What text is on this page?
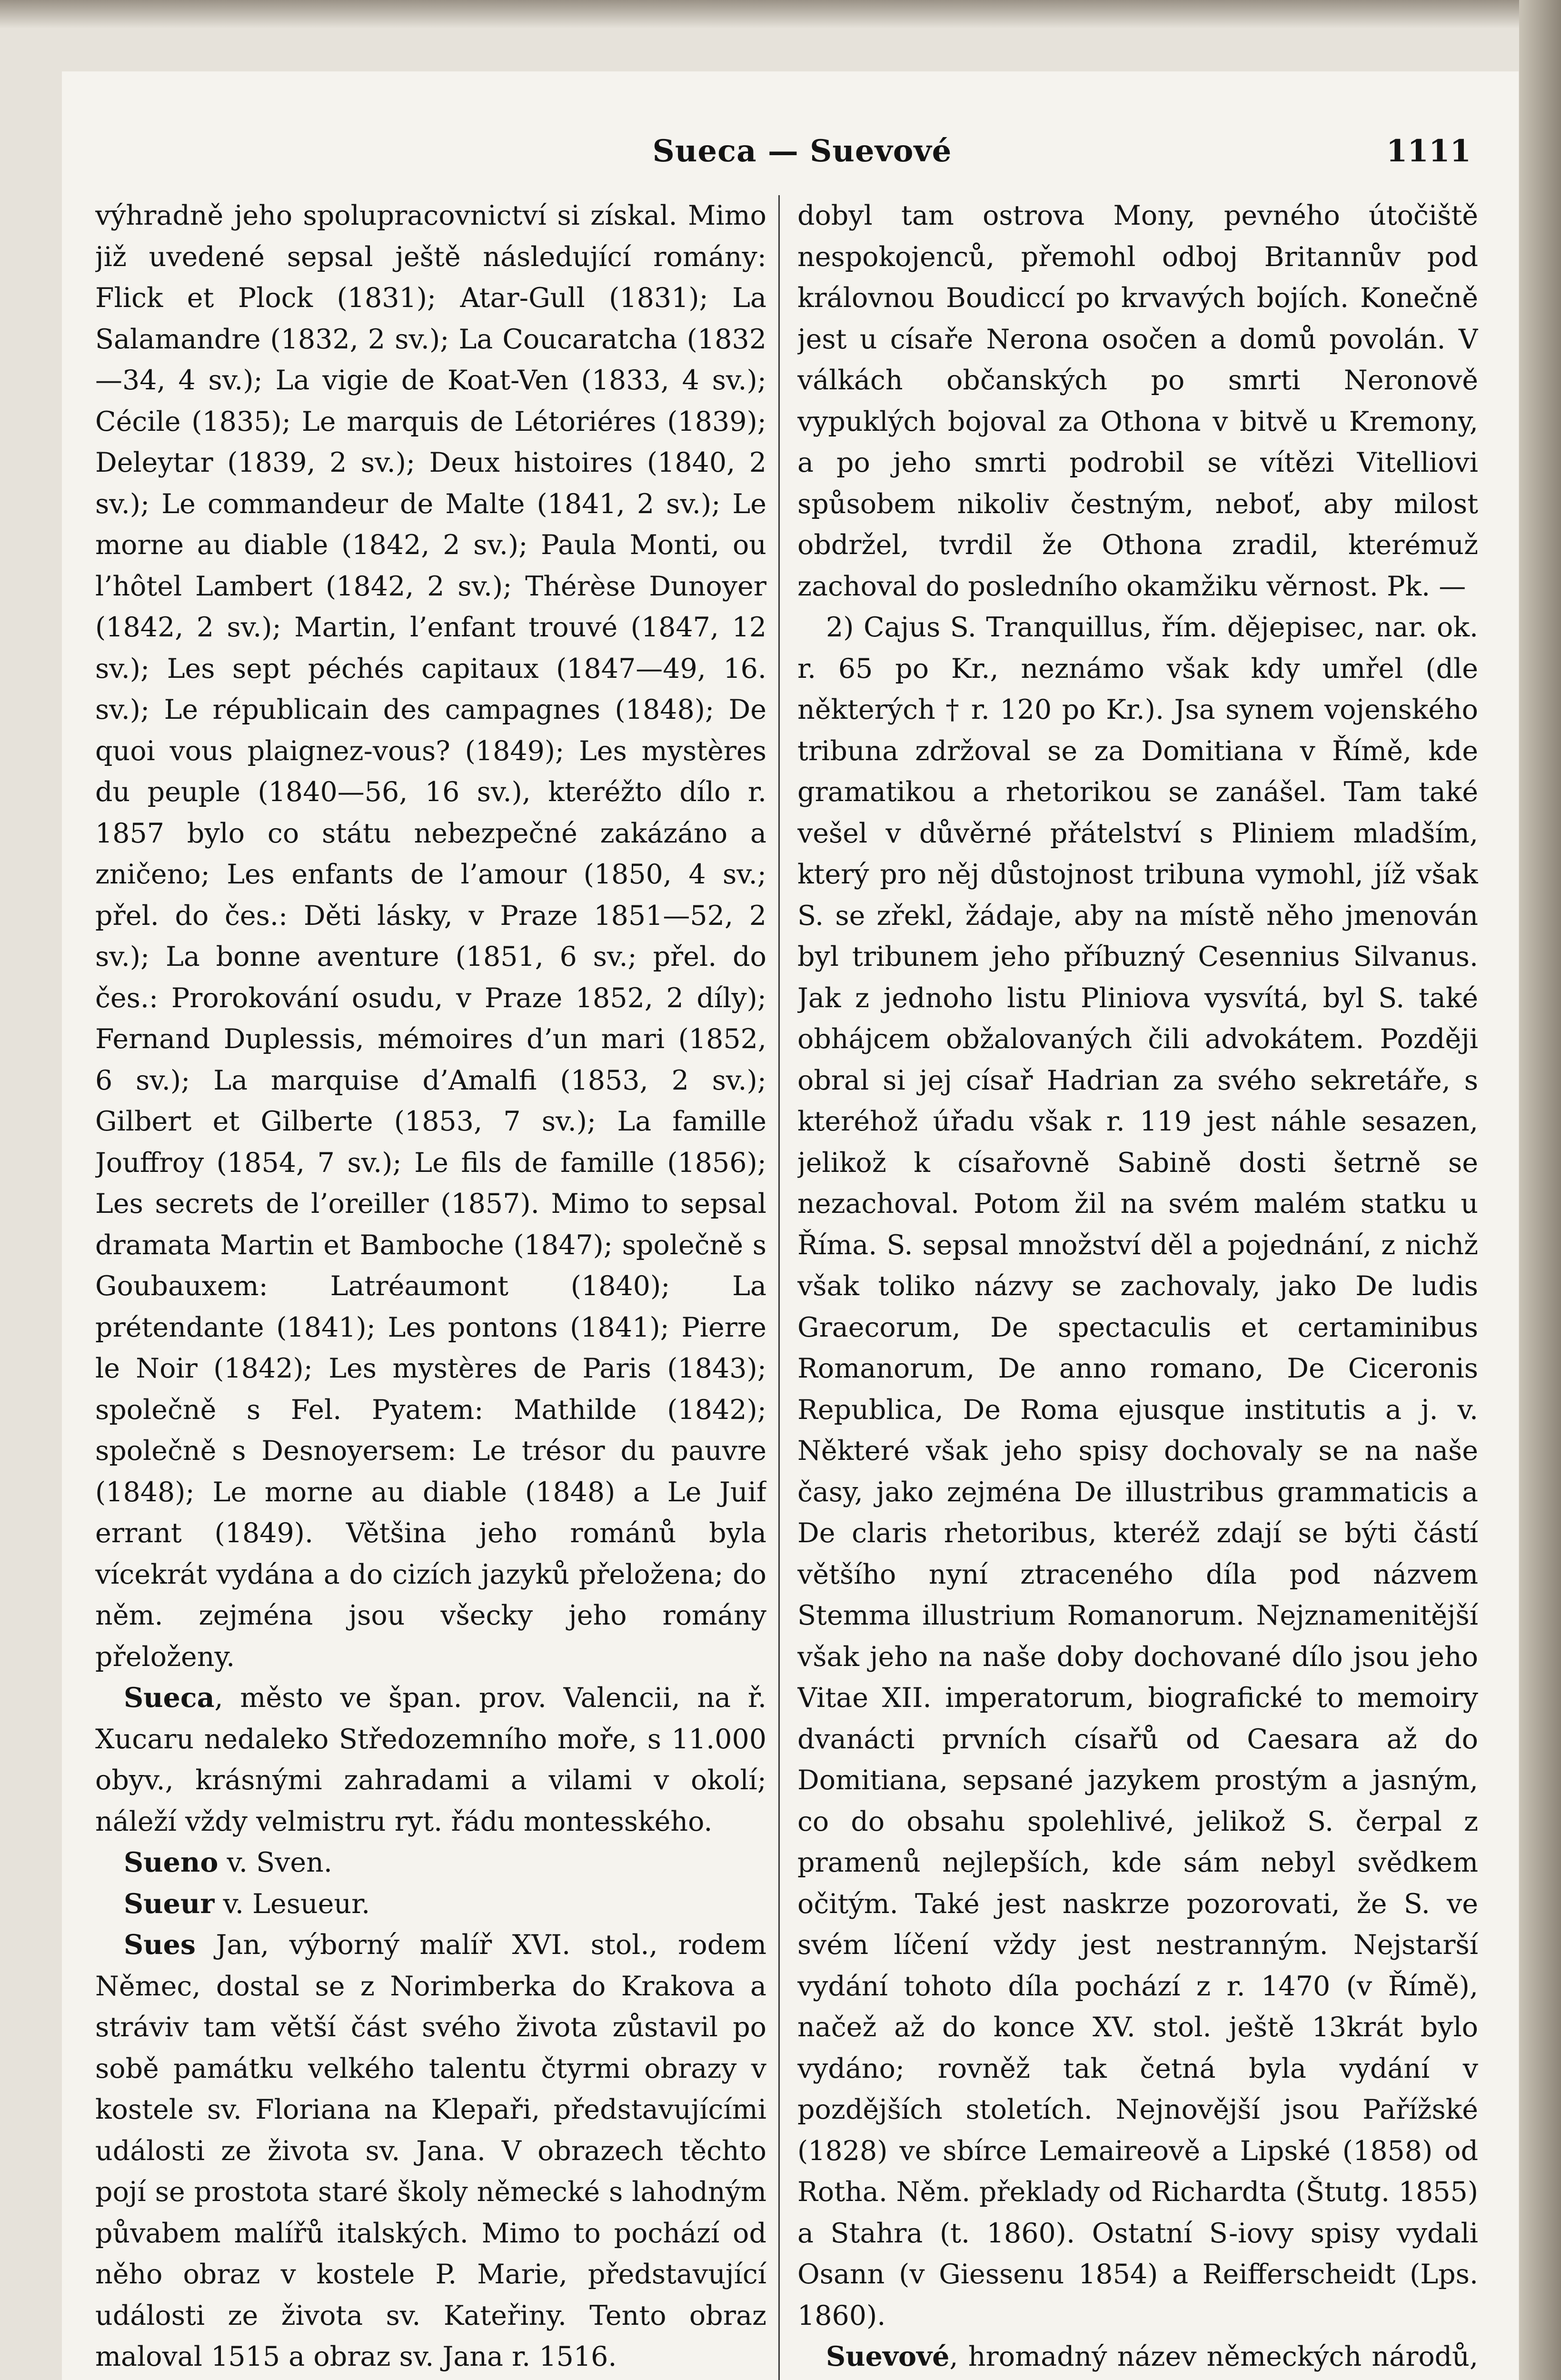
Sueca — Suevové	1111

výhradně jeho spolupracovnictví si získal. Mimo již uvedené sepsal ještě následující romány: Flick et Plock (1831); Atar-Gull (1831); La Salamandre (1832, 2 sv.); La Coucaratcha (1832—34, 4 sv.); La vigie de Koat-Ven (1833, 4 sv.); Cécile (1835); Le marquis de Létoriéres (1839); Deleytar (1839, 2 sv.); Deux histoires (1840, 2 sv.); Le commandeur de Malte (1841, 2 sv.); Le morne au diable (1842, 2 sv.); Paula Monti, ou l’hôtel Lambert (1842, 2 sv.); Thérèse Dunoyer (1842, 2 sv.); Martin, l’enfant trouvé (1847, 12 sv.); Les sept péchés capitaux (1847—49, 16. sv.); Le républicain des campagnes (1848); De quoi vous plaignez-vous? (1849); Les mystères du peuple (1840—56, 16 sv.), kteréžto dílo r. 1857 bylo co státu nebezpečné zakázáno a zničeno; Les enfants de l’amour (1850, 4 sv.; přel. do čes.: Děti lásky, v Praze 1851—52, 2 sv.); La bonne aventure (1851, 6 sv.; přel. do čes.: Prorokování osudu, v Praze 1852, 2 díly); Fernand Duplessis, mémoires d’un mari (1852, 6 sv.); La marquise d’Amalfi (1853, 2 sv.); Gilbert et Gilberte (1853, 7 sv.); La famille Jouffroy (1854, 7 sv.); Le fils de famille (1856); Les secrets de l’oreiller (1857). Mimo to sepsal dramata Martin et Bamboche (1847); společně s Goubauxem: Latréaumont (1840); La prétendante (1841); Les pontons (1841); Pierre le Noir (1842); Les mystères de Paris (1843); společně s Fel. Pyatem: Mathilde (1842); společně s Desnoyersem: Le trésor du pauvre (1848); Le morne au diable (1848) a Le Juif errant (1849). Většina jeho románů byla vícekrát vydána a do cizích jazyků přeložena; do něm. zejména jsou všecky jeho romány přeloženy.

Sueca, město ve špan. prov. Valencii, na ř. Xucaru nedaleko Středozemního moře, s 11.000 obyv., krásnými zahradami a vilami v okolí; náleží vždy velmistru ryt. řádu montesského.

Sueno v. Sven.

Sueur v. Lesueur.

Sues Jan, výborný malíř XVI. stol., rodem Němec, dostal se z Norimberka do Krakova a stráviv tam větší část svého života zůstavil po sobě památku velkého talentu čtyrmi obrazy v kostele sv. Floriana na Klepaři, představujícími události ze života sv. Jana. V obrazech těchto pojí se prostota staré školy německé s lahodným půvabem malířů italských. Mimo to pochází od něho obraz v kostele P. Marie, představující události ze života sv. Kateřiny. Tento obraz maloval 1515 a obraz sv. Jana r. 1516.

dobyl tam ostrova Mony, pevného útočiště nespokojenců, přemohl odboj Britannův pod královnou Boudiccí po krvavých bojích. Konečně jest u císaře Nerona osočen a domů povolán. V válkách občanských po smrti Neronově vypuklých bojoval za Othona v bitvě u Kremony, a po jeho smrti podrobil se vítězi Vitelliovi spůsobem nikoliv čestným, neboť, aby milost obdržel, tvrdil že Othona zradil, kterémuž zachoval do posledního okamžiku věrnost. Pk. —

2) Cajus S. Tranquillus, řím. dějepisec, nar. ok. r. 65 po Kr., neznámo však kdy umřel (dle některých † r. 120 po Kr.). Jsa synem vojenského tribuna zdržoval se za Domitiana v Římě, kde gramatikou a rhetorikou se zanášel. Tam také vešel v důvěrné přátelství s Pliniem mladším, který pro něj důstojnost tribuna vymohl, jíž však S. se zřekl, žádaje, aby na místě něho jmenován byl tribunem jeho příbuzný Cesennius Silvanus. Jak z jednoho listu Pliniova vysvítá, byl S. také obhájcem obžalovaných čili advokátem. Později obral si jej císař Hadrian za svého sekretáře, s kteréhož úřadu však r. 119 jest náhle sesazen, jelikož k císařovně Sabině dosti šetrně se nezachoval. Potom žil na svém malém statku u Říma. S. sepsal množství děl a pojednání, z nichž však toliko názvy se zachovaly, jako De ludis Graecorum, De spectaculis et certaminibus Romanorum, De anno romano, De Ciceronis Republica, De Roma ejusque institutis a j. v. Některé však jeho spisy dochovaly se na naše časy, jako zejména De illustribus grammaticis a De claris rhetoribus, kteréž zdají se býti částí většího nyní ztraceného díla pod názvem Stemma illustrium Romanorum. Nejznamenitější však jeho na naše doby dochované dílo jsou jeho Vitae XII. imperatorum, biografické to memoiry dvanácti prvních císařů od Caesara až do Domitiana, sepsané jazykem prostým a jasným, co do obsahu spolehlivé, jelikož S. čerpal z pramenů nejlepších, kde sám nebyl svědkem očitým. Také jest naskrze pozorovati, že S. ve svém líčení vždy jest nestranným. Nejstarší vydání tohoto díla pochází z r. 1470 (v Římě), načež až do konce XV. stol. ještě 13krát bylo vydáno; rovněž tak četná byla vydání v pozdějších stoletích. Nejnovější jsou Pařížské (1828) ve sbírce Lemaireově a Lipské (1858) od Rotha. Něm. překlady od Richardta (Štutg. 1855) a Stahra (t. 1860). Ostatní S-iovy spisy vydali Osann (v Giessenu 1854) a Reifferscheidt (Lps. 1860).

Suevové, hromadný název německých národů,
